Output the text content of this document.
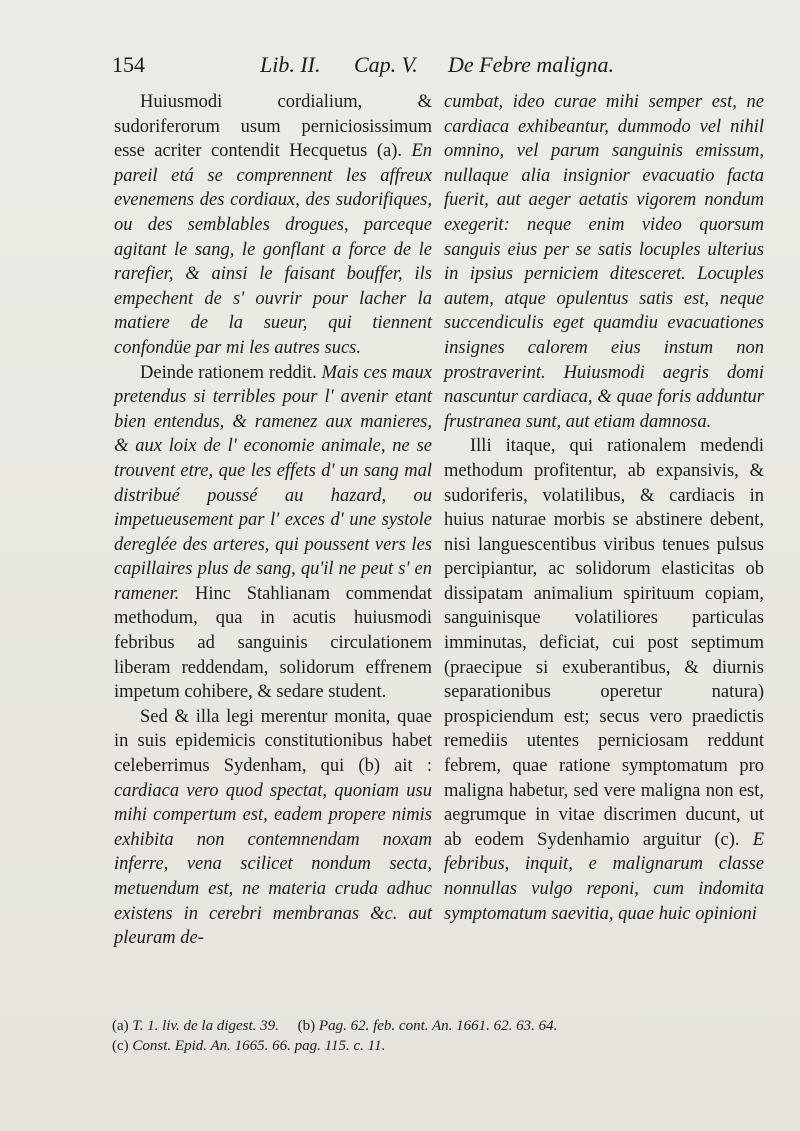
154	Lib. II. Cap. V. De Febre maligna.

Huiusmodi cordialium, & sudoriferorum usum perniciosissimum esse acriter contendit Hecquetus (a). En pareil etá se comprennent les affreux evenemens des cordiaux, des sudorifiques, ou des semblables drogues, parceque agitant le sang, le gonflant a force de le rarefier, & ainsi le faisant bouffer, ils empechent de s' ouvrir pour lacher la matiere de la sueur, qui tiennent confondüe par mi les autres sucs.

Deinde rationem reddit. Mais ces maux pretendus si terribles pour l' avenir etant bien entendus, & ramenez aux manieres, & aux loix de l' economie animale, ne se trouvent etre, que les effets d' un sang mal distribué poussé au hazard, ou impetueusement par l' exces d' une systole dereglée des arteres, qui poussent vers les capillaires plus de sang, qu'il ne peut s' en ramener. Hinc Stahlianam commendat methodum, qua in acutis huiusmodi febribus ad sanguinis circulationem liberam reddendam, solidorum effrenem impetum cohibere, & sedare student.

Sed & illa legi merentur monita, quae in suis epidemicis constitutionibus habet celeberrimus Sydenham, qui (b) ait : cardiaca vero quod spectat, quoniam usu mihi compertum est, eadem propere nimis exhibita non contemnendam noxam inferre, vena scilicet nondum secta, metuendum est, ne materia cruda adhuc existens in cerebri membranas &c. aut pleuram de-

cumbat, ideo curae mihi semper est, ne cardiaca exhibeantur, dummodo vel nihil omnino, vel parum sanguinis emissum, nullaque alia insignior evacuatio facta fuerit, aut aeger aetatis vigorem nondum exegerit: neque enim video quorsum sanguis eius per se satis locuples ulterius in ipsius perniciem ditesceret. Locuples autem, atque opulentus satis est, neque succendiculis eget quamdiu evacuationes insignes calorem eius instum non prostraverint. Huiusmodi aegris domi nascuntur cardiaca, & quae foris adduntur frustranea sunt, aut etiam damnosa.

Illi itaque, qui rationalem medendi methodum profitentur, ab expansivis, & sudoriferis, volatilibus, & cardiacis in huius naturae morbis se abstinere debent, nisi languescentibus viribus tenues pulsus percipiantur, ac solidorum elasticitas ob dissipatam animalium spirituum copiam, sanguinisque volatiliores particulas imminutas, deficiat, cui post septimum (praecipue si exuberantibus, & diurnis separationibus operetur natura) prospiciendum est; secus vero praedictis remediis utentes perniciosam reddunt febrem, quae ratione symptomatum pro maligna habetur, sed vere maligna non est, aegrumque in vitae discrimen ducunt, ut ab eodem Sydenhamio arguitur (c). E febribus, inquit, e malignarum classe nonnullas vulgo reponi, cum indomita symptomatum saevitia, quae huic opinioni

(a) T. 1. liv. de la digest. 39. (b) Pag. 62. feb. cont. An. 1661. 62. 63. 64.
(c) Const. Epid. An. 1665. 66. pag. 115. c. 11.
